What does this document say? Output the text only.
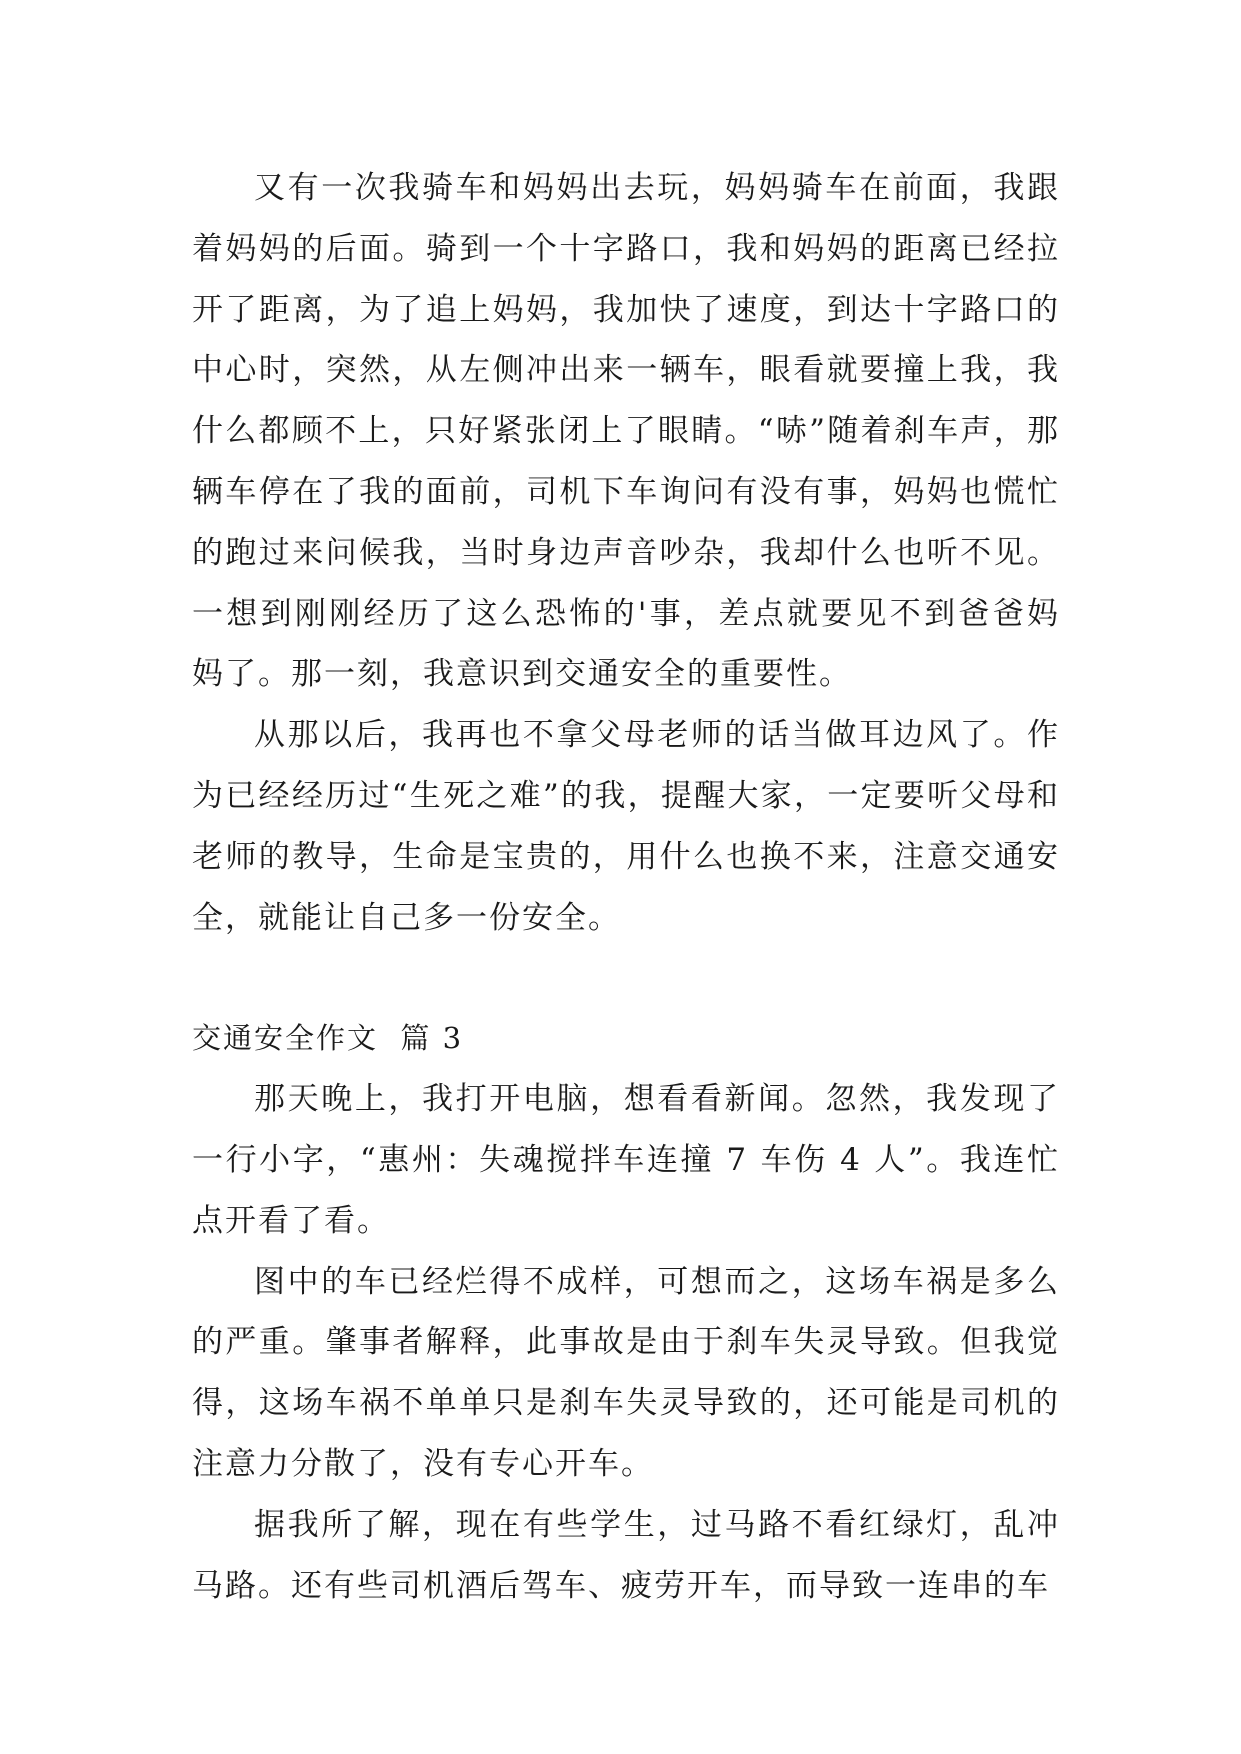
又有一次我骑车和妈妈出去玩，妈妈骑车在前面，我跟着妈妈的后面。骑到一个十字路口，我和妈妈的距离已经拉开了距离，为了追上妈妈，我加快了速度，到达十字路口的中心时，突然，从左侧冲出来一辆车，眼看就要撞上我，我什么都顾不上，只好紧张闭上了眼睛。“哧”随着刹车声，那辆车停在了我的面前，司机下车询问有没有事，妈妈也慌忙的跑过来问候我，当时身边声音吵杂，我却什么也听不见。一想到刚刚经历了这么恐怖的'事，差点就要见不到爸爸妈妈了。那一刻，我意识到交通安全的重要性。

从那以后，我再也不拿父母老师的话当做耳边风了。作为已经经历过“生死之难”的我，提醒大家，一定要听父母和老师的教导，生命是宝贵的，用什么也换不来，注意交通安全，就能让自己多一份安全。

交通安全作文  篇 3

那天晚上，我打开电脑，想看看新闻。忽然，我发现了一行小字，“惠州：失魂搅拌车连撞 7 车伤 4 人”。我连忙点开看了看。

图中的车已经烂得不成样，可想而之，这场车祸是多么的严重。肇事者解释，此事故是由于刹车失灵导致。但我觉得，这场车祸不单单只是刹车失灵导致的，还可能是司机的注意力分散了，没有专心开车。

据我所了解，现在有些学生，过马路不看红绿灯，乱冲马路。还有些司机酒后驾车、疲劳开车，而导致一连串的车
